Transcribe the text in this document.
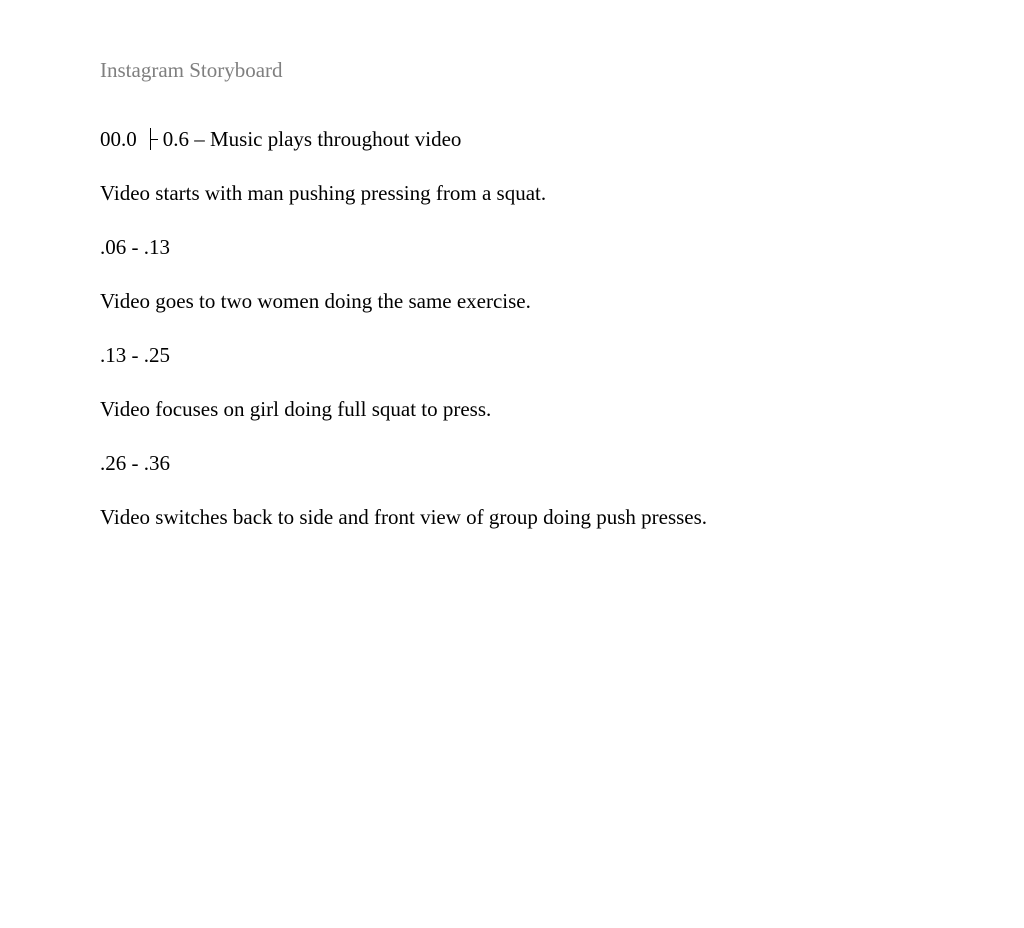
Instagram Storyboard

00.0 0.6 – Music plays throughout video

Video starts with man pushing pressing from a squat.

.06 - .13

Video goes to two women doing the same exercise.

.13 - .25

Video focuses on girl doing full squat to press.

.26 - .36

Video switches back to side and front view of group doing push presses.
